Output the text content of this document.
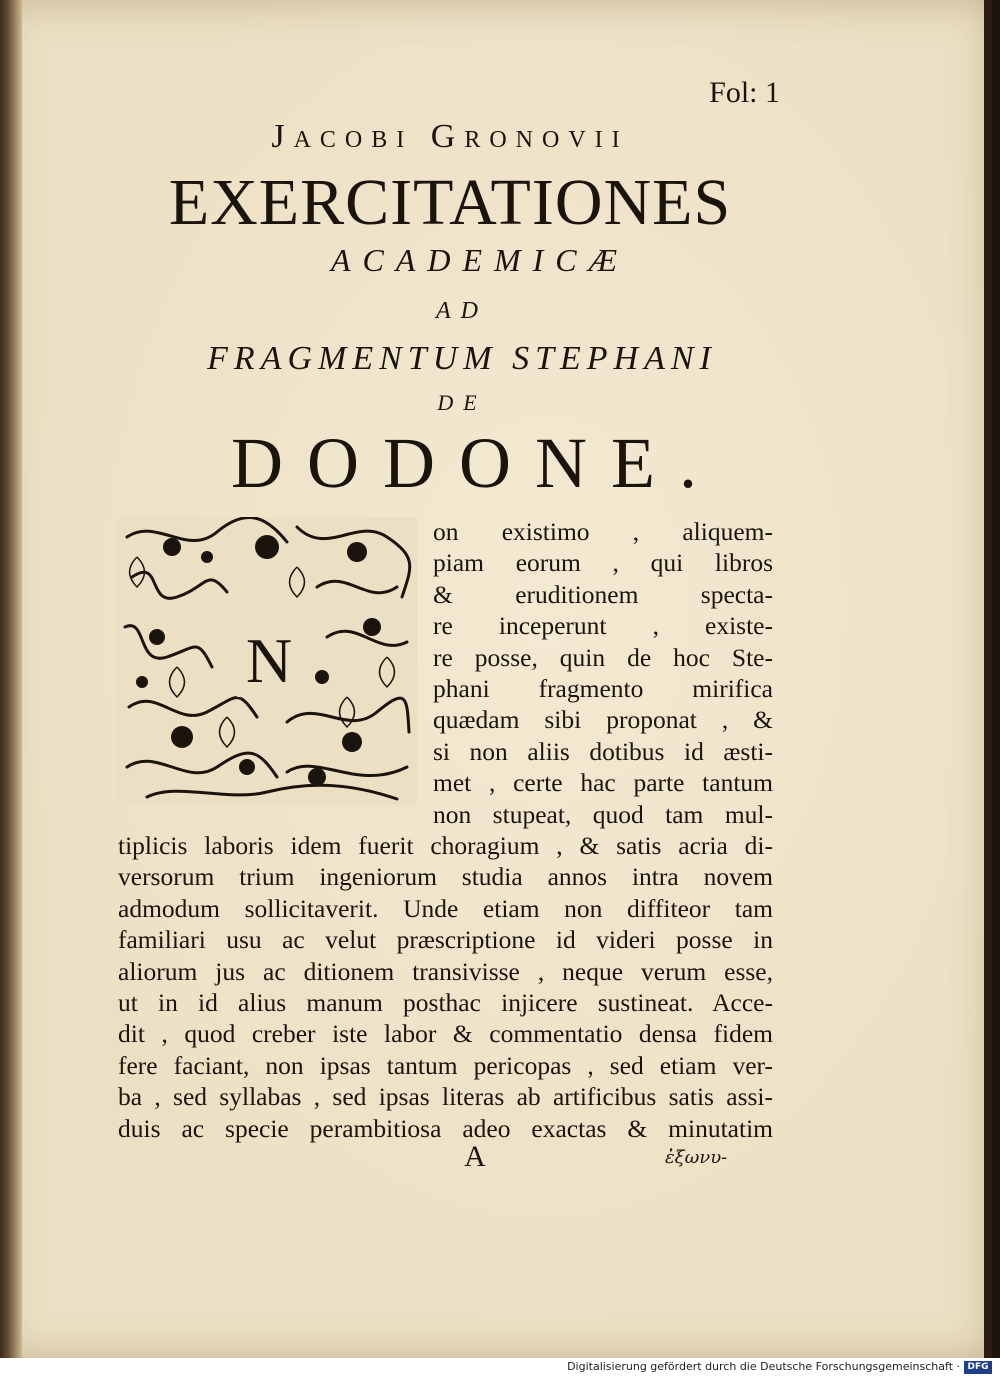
Fol: 1
Jacobi Gronovii
EXERCITATIONES
ACADEMICÆ
AD
FRAGMENTUM STEPHANI
DE
DODONE.
N
on existimo , aliquem-
piam eorum , qui libros
& eruditionem specta-
re inceperunt , existe-
re posse, quin de hoc Ste-
phani fragmento mirifica
quædam sibi proponat , &
si non aliis dotibus id æsti-
met , certe hac parte tantum
non stupeat, quod tam mul-
tiplicis laboris idem fuerit choragium , & satis acria di-
versorum trium ingeniorum studia annos intra novem
admodum sollicitaverit. Unde etiam non diffiteor tam
familiari usu ac velut præscriptione id videri posse in
aliorum jus ac ditionem transivisse , neque verum esse,
ut in id alius manum posthac injicere sustineat. Acce-
dit , quod creber iste labor & commentatio densa fidem
fere faciant, non ipsas tantum pericopas , sed etiam ver-
ba , sed syllabas , sed ipsas literas ab artificibus satis assi-
duis ac specie perambitiosa adeo exactas & minutatim
A	ἐξωνυ-
Digitalisierung gefördert durch die Deutsche Forschungsgemeinschaft · DFG
